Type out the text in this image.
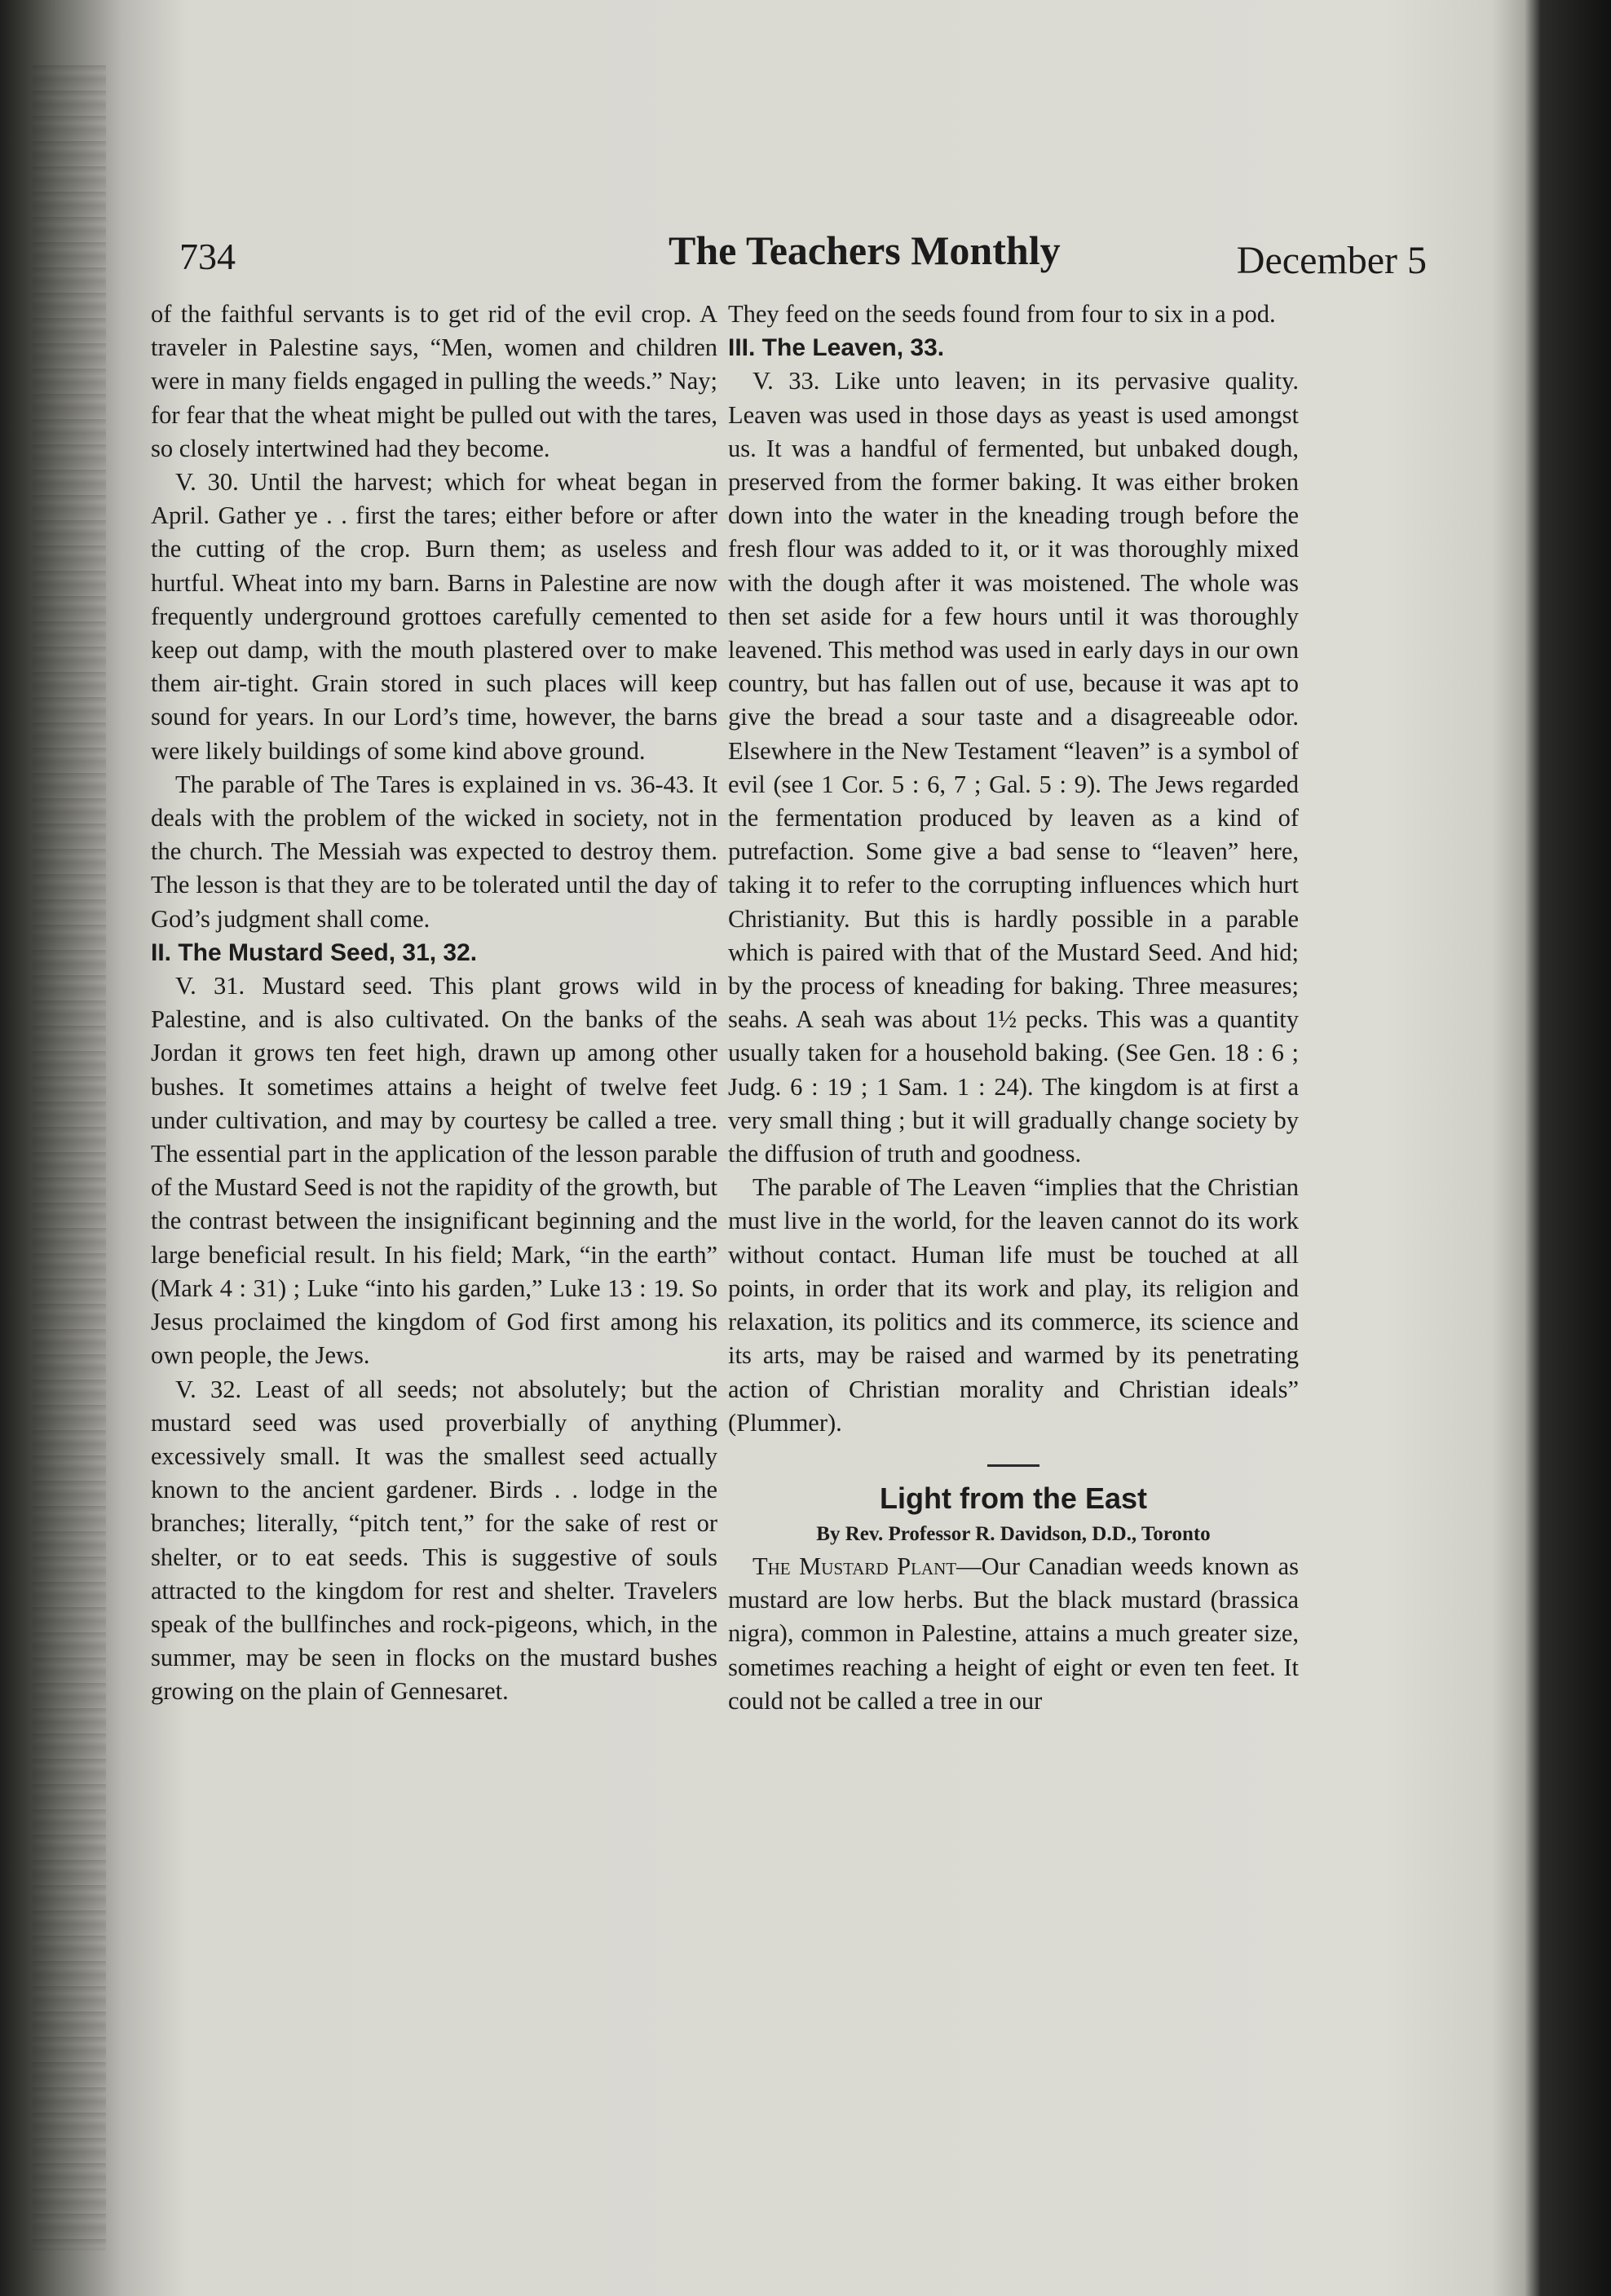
734	The Teachers Monthly	December 5

of the faithful servants is to get rid of the evil crop. A traveler in Palestine says, “Men, women and children were in many fields engaged in pulling the weeds.” Nay; for fear that the wheat might be pulled out with the tares, so closely intertwined had they become.

V. 30. Until the harvest; which for wheat began in April. Gather ye . . first the tares; either before or after the cutting of the crop. Burn them; as useless and hurtful. Wheat into my barn. Barns in Palestine are now frequently underground grottoes carefully cemented to keep out damp, with the mouth plastered over to make them air-tight. Grain stored in such places will keep sound for years. In our Lord’s time, however, the barns were likely buildings of some kind above ground.

The parable of The Tares is explained in vs. 36-43. It deals with the problem of the wicked in society, not in the church. The Messiah was expected to destroy them. The lesson is that they are to be tolerated until the day of God’s judgment shall come.

II. The Mustard Seed, 31, 32.

V. 31. Mustard seed. This plant grows wild in Palestine, and is also cultivated. On the banks of the Jordan it grows ten feet high, drawn up among other bushes. It sometimes attains a height of twelve feet under cultivation, and may by courtesy be called a tree. The essential part in the application of the lesson parable of the Mustard Seed is not the rapidity of the growth, but the contrast between the insignificant beginning and the large beneficial result. In his field; Mark, “in the earth” (Mark 4 : 31) ; Luke “into his garden,” Luke 13 : 19. So Jesus proclaimed the kingdom of God first among his own people, the Jews.

V. 32. Least of all seeds; not absolutely; but the mustard seed was used proverbially of anything excessively small. It was the smallest seed actually known to the ancient gardener. Birds . . lodge in the branches; literally, “pitch tent,” for the sake of rest or shelter, or to eat seeds. This is suggestive of souls attracted to the kingdom for rest and shelter. Travelers speak of the bullfinches and rock-pigeons, which, in the summer, may be seen in flocks on the mustard bushes growing on the plain of Gennesaret.

They feed on the seeds found from four to six in a pod.

III. The Leaven, 33.

V. 33. Like unto leaven; in its pervasive quality. Leaven was used in those days as yeast is used amongst us. It was a handful of fermented, but unbaked dough, preserved from the former baking. It was either broken down into the water in the kneading trough before the fresh flour was added to it, or it was thoroughly mixed with the dough after it was moistened. The whole was then set aside for a few hours until it was thoroughly leavened. This method was used in early days in our own country, but has fallen out of use, because it was apt to give the bread a sour taste and a disagreeable odor. Elsewhere in the New Testament “leaven” is a symbol of evil (see 1 Cor. 5 : 6, 7 ; Gal. 5 : 9). The Jews regarded the fermentation produced by leaven as a kind of putrefaction. Some give a bad sense to “leaven” here, taking it to refer to the corrupting influences which hurt Christianity. But this is hardly possible in a parable which is paired with that of the Mustard Seed. And hid; by the process of kneading for baking. Three measures; seahs. A seah was about 1½ pecks. This was a quantity usually taken for a household baking. (See Gen. 18 : 6 ; Judg. 6 : 19 ; 1 Sam. 1 : 24). The kingdom is at first a very small thing ; but it will gradually change society by the diffusion of truth and goodness.

The parable of The Leaven “implies that the Christian must live in the world, for the leaven cannot do its work without contact. Human life must be touched at all points, in order that its work and play, its religion and relaxation, its politics and its commerce, its science and its arts, may be raised and warmed by its penetrating action of Christian morality and Christian ideals” (Plummer).

Light from the East
By Rev. Professor R. Davidson, D.D., Toronto

The Mustard Plant—Our Canadian weeds known as mustard are low herbs. But the black mustard (brassica nigra), common in Palestine, attains a much greater size, sometimes reaching a height of eight or even ten feet. It could not be called a tree in our
